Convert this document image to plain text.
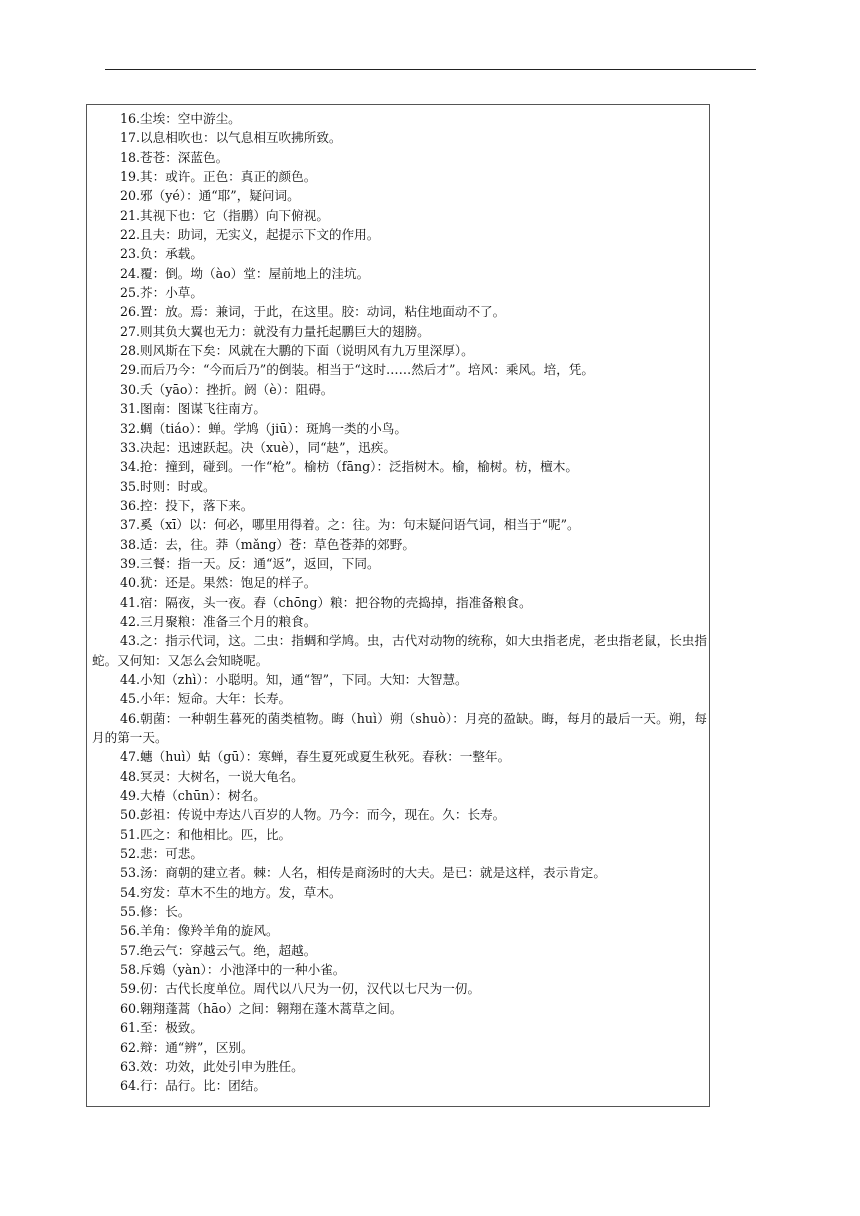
16.尘埃：空中游尘。
17.以息相吹也：以气息相互吹拂所致。
18.苍苍：深蓝色。
19.其：或许。正色：真正的颜色。
20.邪（yé）：通“耶”，疑问词。
21.其视下也：它（指鹏）向下俯视。
22.且夫：助词，无实义，起提示下文的作用。
23.负：承载。
24.覆：倒。坳（ào）堂：屋前地上的洼坑。
25.芥：小草。
26.置：放。焉：兼词，于此，在这里。胶：动词，粘住地面动不了。
27.则其负大翼也无力：就没有力量托起鹏巨大的翅膀。
28.则风斯在下矣：风就在大鹏的下面（说明风有九万里深厚）。
29.而后乃今：“今而后乃”的倒装。相当于“这时……然后才”。培风：乘风。培，凭。
30.夭（yāo）：挫折。阏（è）：阻碍。
31.图南：图谋飞往南方。
32.蜩（tiáo）：蝉。学鸠（jiū）：斑鸠一类的小鸟。
33.决起：迅速跃起。决（xuè），同“赽”，迅疾。
34.抢：撞到，碰到。一作“枪”。榆枋（fāng）：泛指树木。榆，榆树。枋，檀木。
35.时则：时或。
36.控：投下，落下来。
37.奚（xī）以：何必，哪里用得着。之：往。为：句末疑问语气词，相当于“呢”。
38.适：去，往。莽（mǎng）苍：草色苍莽的郊野。
39.三餐：指一天。反：通“返”，返回，下同。
40.犹：还是。果然：饱足的样子。
41.宿：隔夜，头一夜。舂（chōng）粮：把谷物的壳捣掉，指准备粮食。
42.三月聚粮：准备三个月的粮食。
43.之：指示代词，这。二虫：指蜩和学鸠。虫，古代对动物的统称，如大虫指老虎，老虫指老鼠，长虫指蛇。又何知：又怎么会知晓呢。
44.小知（zhì）：小聪明。知，通“智”，下同。大知：大智慧。
45.小年：短命。大年：长寿。
46.朝菌：一种朝生暮死的菌类植物。晦（huì）朔（shuò）：月亮的盈缺。晦，每月的最后一天。朔，每月的第一天。
47.蟪（huì）蛄（gū）：寒蝉，春生夏死或夏生秋死。春秋：一整年。
48.冥灵：大树名，一说大龟名。
49.大椿（chūn）：树名。
50.彭祖：传说中寿达八百岁的人物。乃今：而今，现在。久：长寿。
51.匹之：和他相比。匹，比。
52.悲：可悲。
53.汤：商朝的建立者。棘：人名，相传是商汤时的大夫。是已：就是这样，表示肯定。
54.穷发：草木不生的地方。发，草木。
55.修：长。
56.羊角：像羚羊角的旋风。
57.绝云气：穿越云气。绝，超越。
58.斥鴳（yàn）：小池泽中的一种小雀。
59.仞：古代长度单位。周代以八尺为一仞，汉代以七尺为一仞。
60.翱翔蓬蒿（hāo）之间：翱翔在蓬木蒿草之间。
61.至：极致。
62.辩：通“辨”，区别。
63.效：功效，此处引申为胜任。
64.行：品行。比：团结。
